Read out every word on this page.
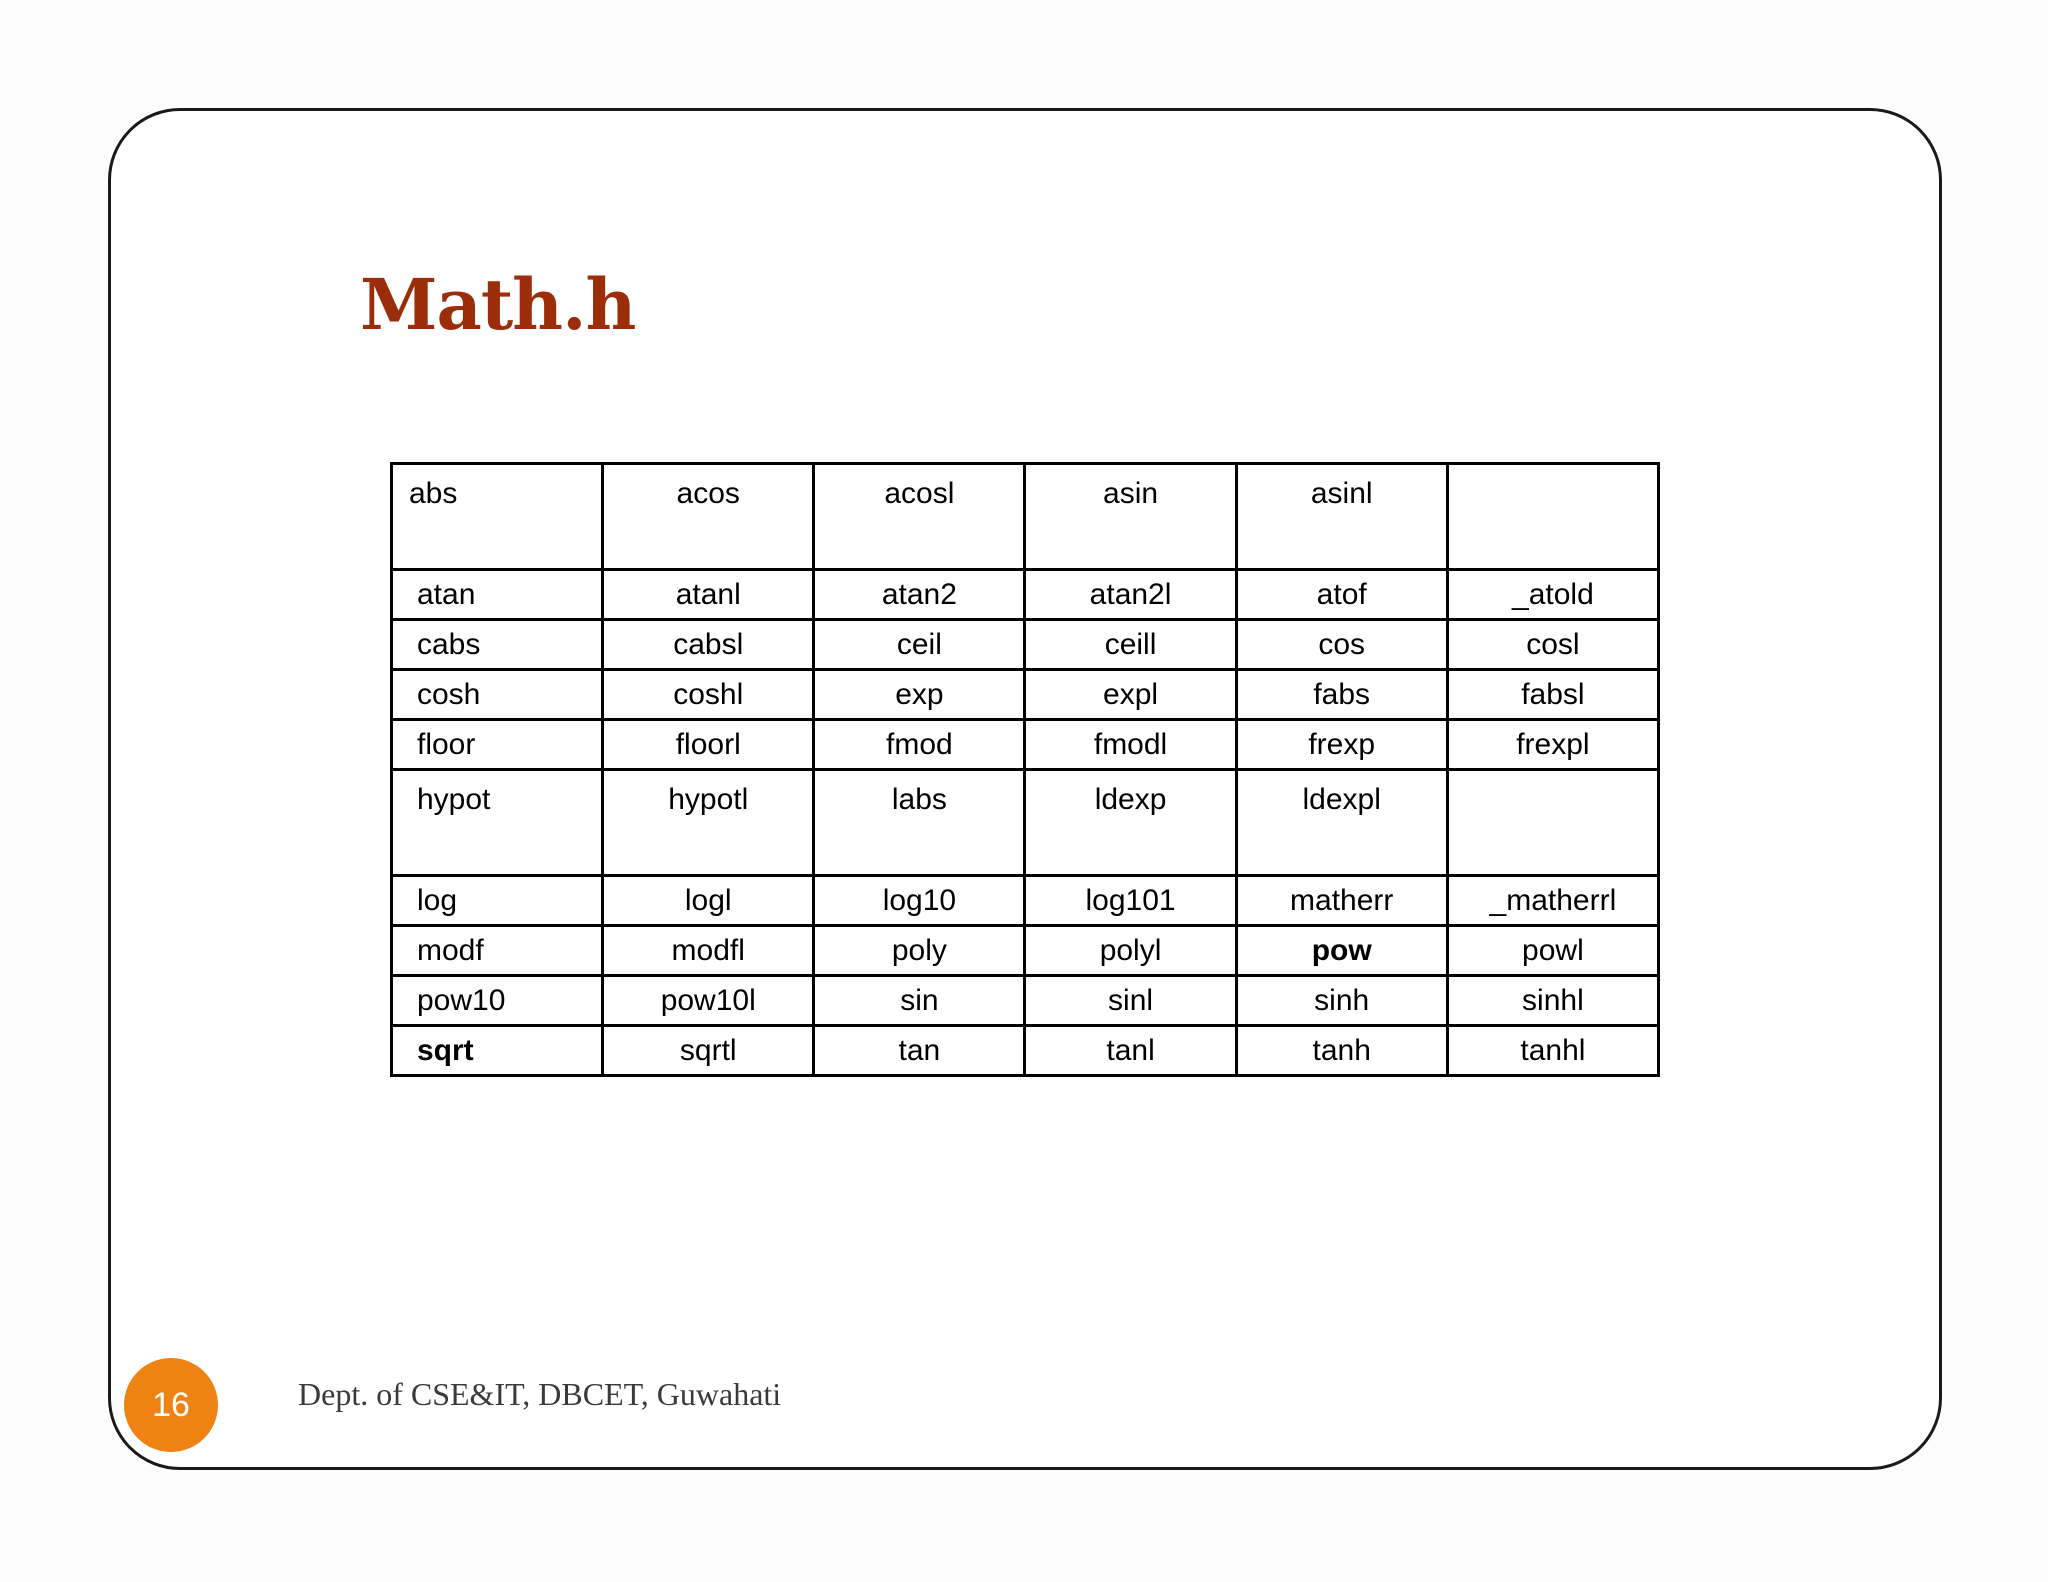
Math.h
abs	acos	acosl	asin	asinl	
atan	atanl	atan2	atan2l	atof	_atold
cabs	cabsl	ceil	ceill	cos	cosl
cosh	coshl	exp	expl	fabs	fabsl
floor	floorl	fmod	fmodl	frexp	frexpl
hypot	hypotl	labs	ldexp	ldexpl	
log	logl	log10	log101	matherr	_matherrl
modf	modfl	poly	polyl	pow	powl
pow10	pow10l	sin	sinl	sinh	sinhl
sqrt	sqrtl	tan	tanl	tanh	tanhl
16	Dept. of CSE&IT, DBCET, Guwahati
